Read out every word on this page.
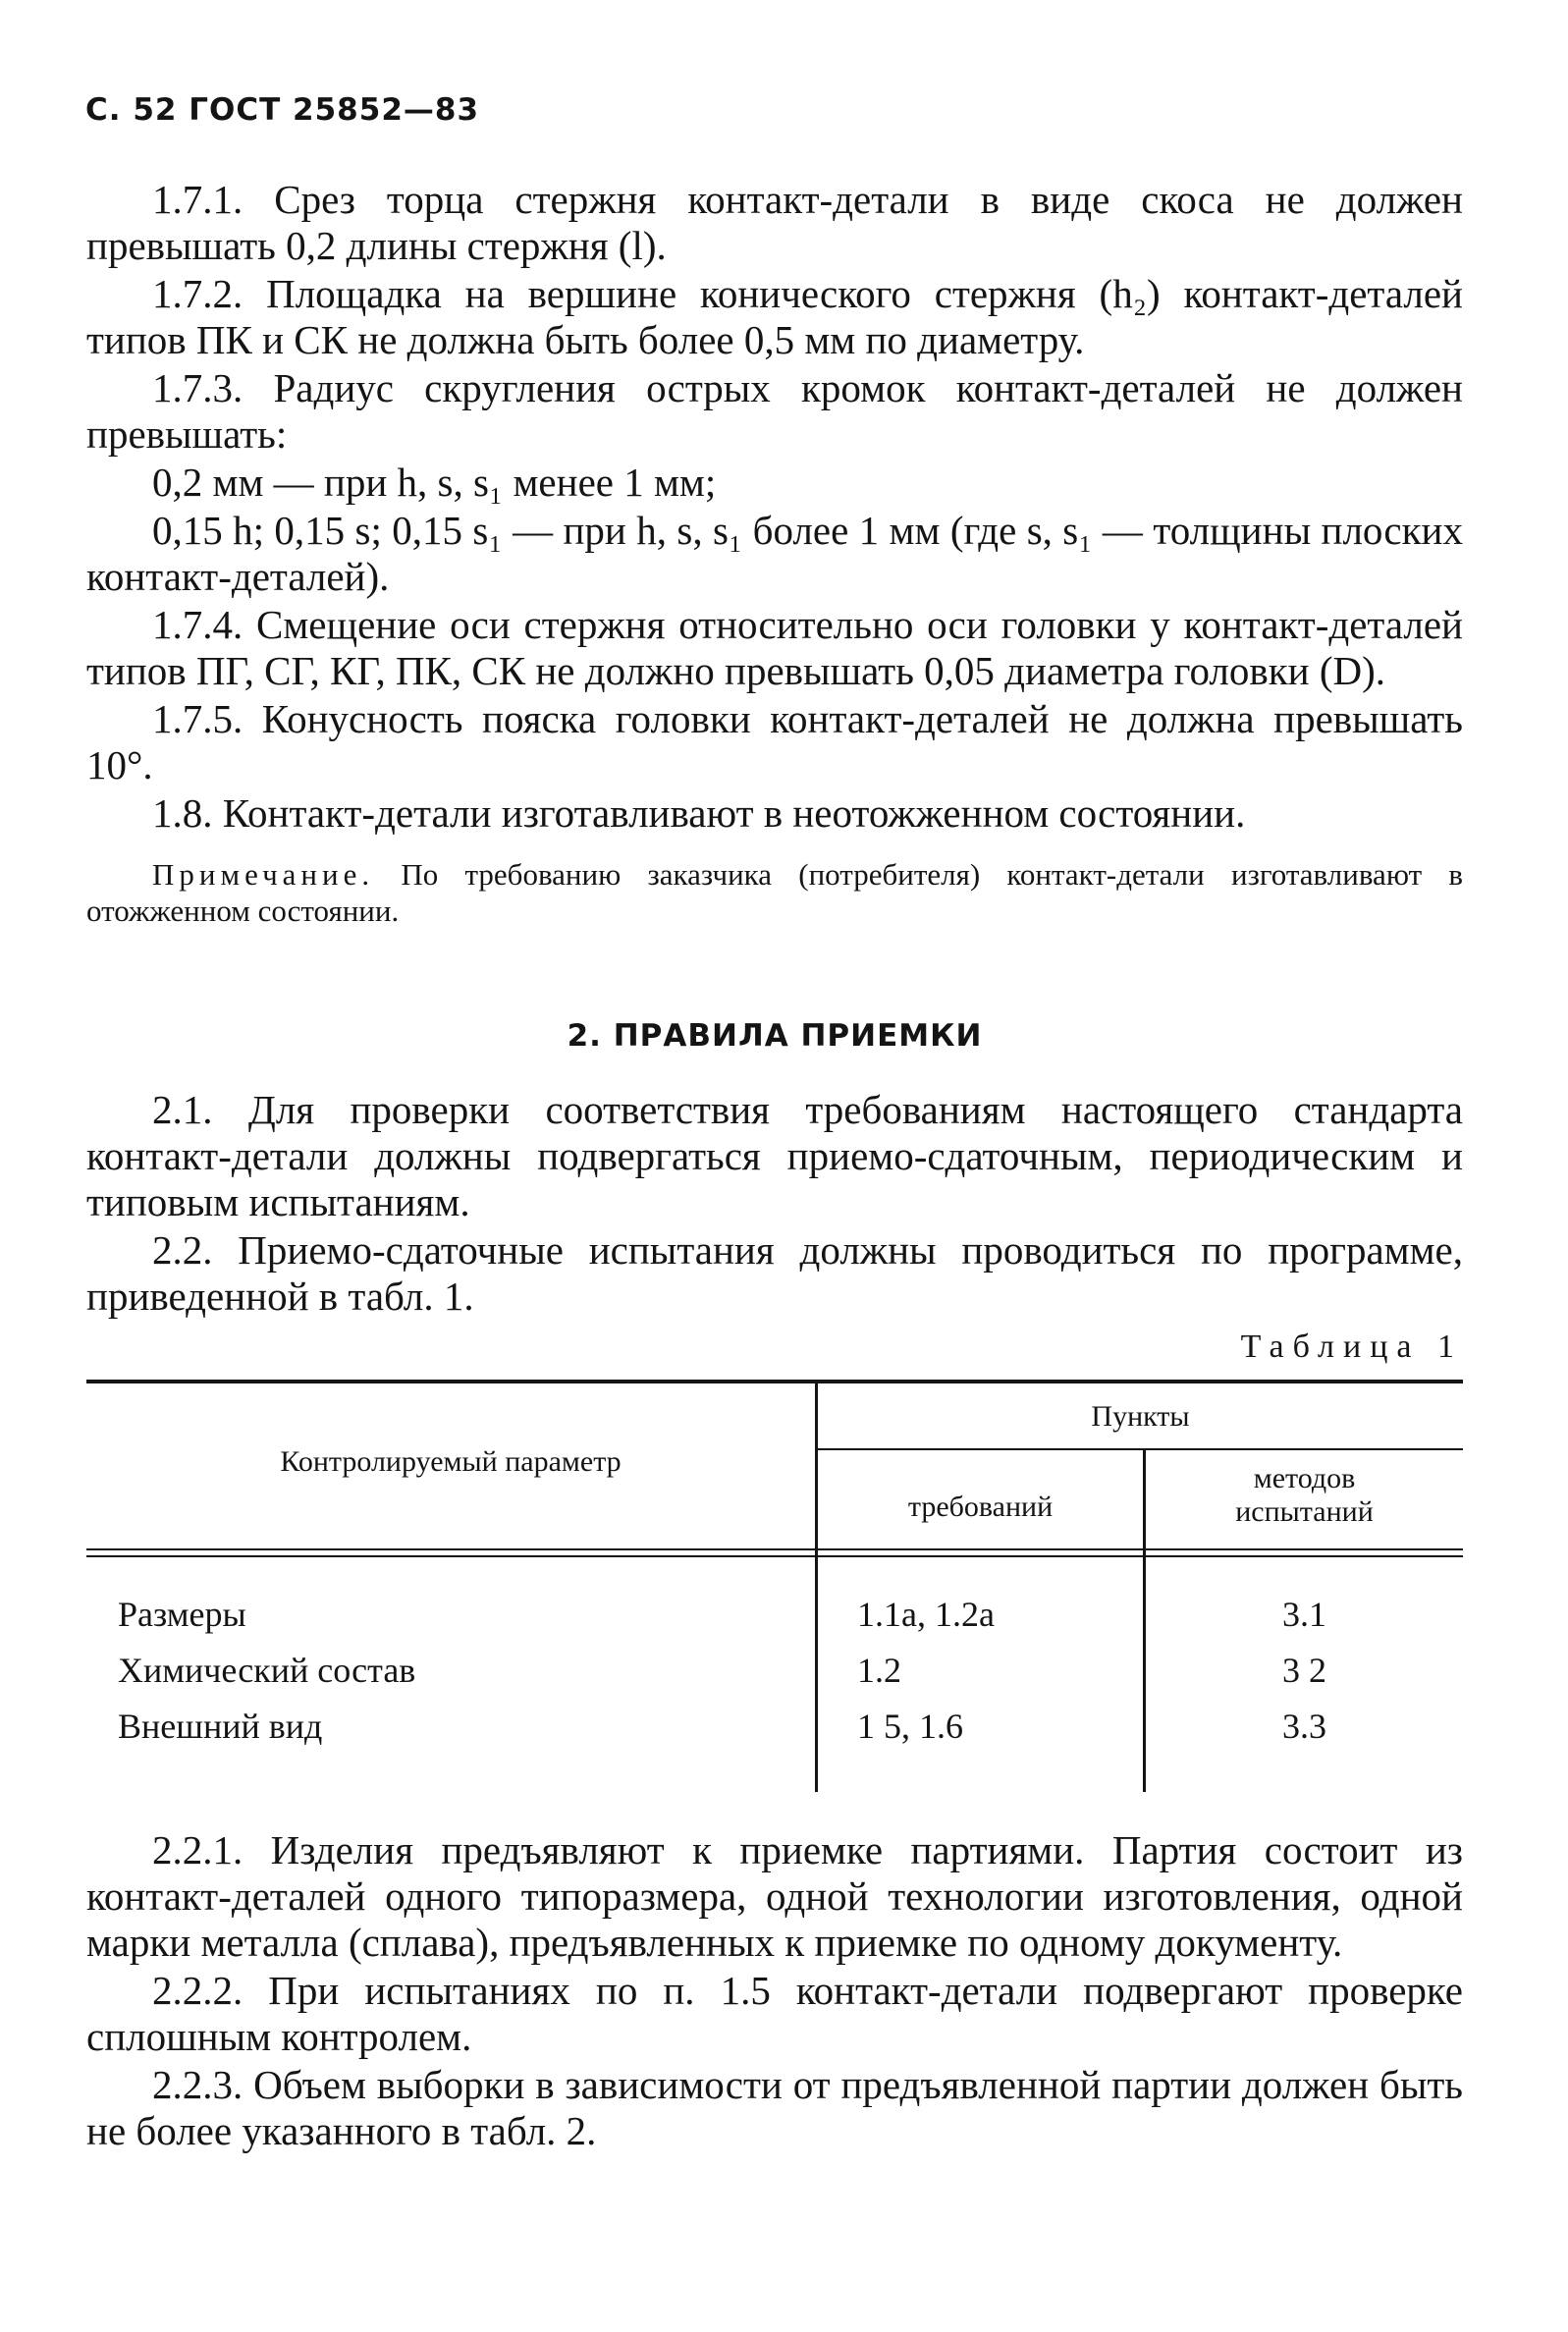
С. 52 ГОСТ 25852—83

1.7.1. Срез торца стержня контакт-детали в виде скоса не должен превышать 0,2 длины стержня (l).

1.7.2. Площадка на вершине конического стержня (h₂) контакт-деталей типов ПК и СК не должна быть более 0,5 мм по диаметру.

1.7.3. Радиус скругления острых кромок контакт-деталей не должен превышать:

0,2 мм — при h, s, s₁ менее 1 мм;

0,15 h; 0,15 s; 0,15 s₁ — при h, s, s₁ более 1 мм (где s, s₁ — толщины плоских контакт-деталей).

1.7.4. Смещение оси стержня относительно оси головки у контакт-деталей типов ПГ, СГ, КГ, ПК, СК не должно превышать 0,05 диаметра головки (D).

1.7.5. Конусность пояска головки контакт-деталей не должна превышать 10°.

1.8. Контакт-детали изготавливают в неотожженном состоянии.

Примечание. По требованию заказчика (потребителя) контакт-детали изготавливают в отожженном состоянии.

2. ПРАВИЛА ПРИЕМКИ

2.1. Для проверки соответствия требованиям настоящего стандарта контакт-детали должны подвергаться приемо-сдаточным, периодическим и типовым испытаниям.

2.2. Приемо-сдаточные испытания должны проводиться по программе, приведенной в табл. 1.

Таблица 1
Контролируемый параметр
Пункты
требований
методов
испытаний
Размеры	1.1а, 1.2а	3.1
Химический состав	1.2	3 2
Внешний вид	1 5, 1.6	3.3

2.2.1. Изделия предъявляют к приемке партиями. Партия состоит из контакт-деталей одного типоразмера, одной технологии изготовления, одной марки металла (сплава), предъявленных к приемке по одному документу.

2.2.2. При испытаниях по п. 1.5 контакт-детали подвергают проверке сплошным контролем.

2.2.3. Объем выборки в зависимости от предъявленной партии должен быть не более указанного в табл. 2.
